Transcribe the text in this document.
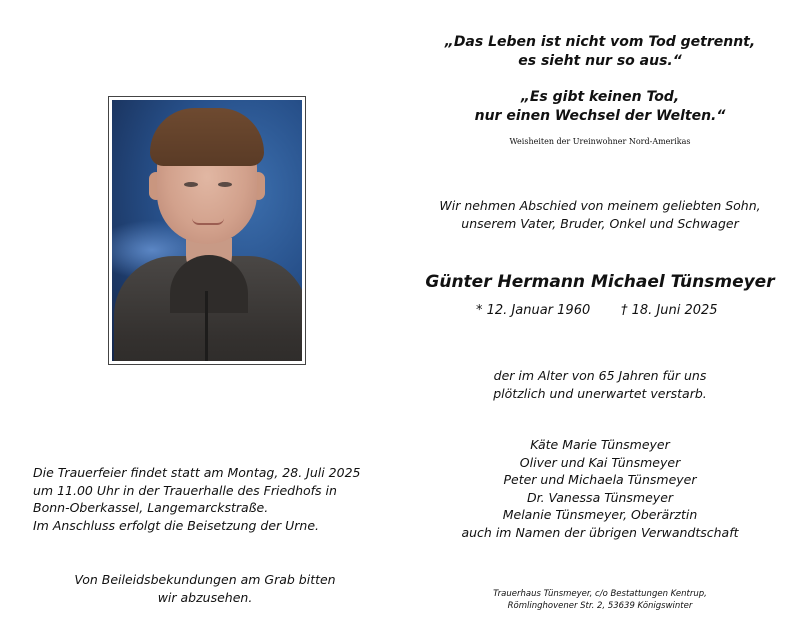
„Das Leben ist nicht vom Tod getrennt,
es sieht nur so aus.“
„Es gibt keinen Tod,
nur einen Wechsel der Welten.“
Weisheiten der Ureinwohner Nord-Amerikas
Wir nehmen Abschied von meinem geliebten Sohn,
unserem Vater, Bruder, Onkel und Schwager
Günter Hermann Michael Tünsmeyer
* 12. Januar 1960	† 18. Juni 2025
der im Alter von 65 Jahren für uns
plötzlich und unerwartet verstarb.
Käte Marie Tünsmeyer
Oliver und Kai Tünsmeyer
Peter und Michaela Tünsmeyer
Dr. Vanessa Tünsmeyer
Melanie Tünsmeyer, Oberärztin
auch im Namen der übrigen Verwandtschaft
Die Trauerfeier findet statt am Montag, 28. Juli 2025
um 11.00 Uhr in der Trauerhalle des Friedhofs in
Bonn-Oberkassel, Langemarckstraße.
Im Anschluss erfolgt die Beisetzung der Urne.
Von Beileidsbekundungen am Grab bitten
wir abzusehen.	Trauerhaus Tünsmeyer, c/o Bestattungen Kentrup,
Römlinghovener Str. 2, 53639 Königswinter
